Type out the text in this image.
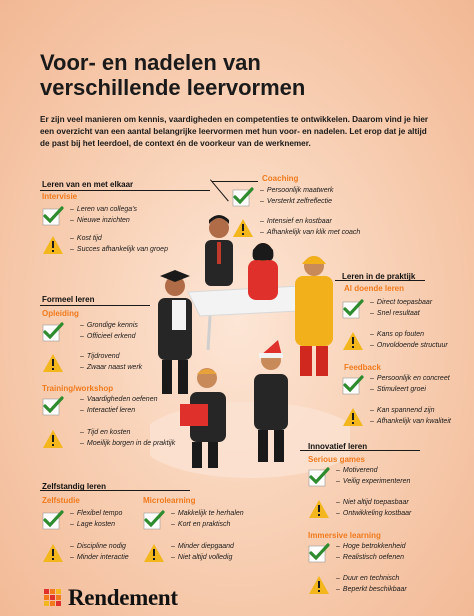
Voor- en nadelen van
verschillende leervormen
Er zijn veel manieren om kennis, vaardigheden en competenties te ontwikkelen. Daarom vind je hier een overzicht van een aantal belangrijke leervormen met hun voor- en nadelen. Let erop dat je altijd de past bij het leerdoel, de context én de voorkeur van de werknemer.
Leren van en met elkaar
Intervisie
– Leren van collega's
– Nieuwe inzichten
– Kost tijd
– Succes afhankelijk van groep
Coaching
– Persoonlijk maatwerk
– Versterkt zelfreflectie
– Intensief en kostbaar
– Afhankelijk van klik met coach
Leren in de praktijk
Al doende leren
– Direct toepasbaar
– Snel resultaat
– Kans op fouten
– Onvoldoende structuur
Feedback
– Persoonlijk en concreet
– Stimuleert groei
– Kan spannend zijn
– Afhankelijk van kwaliteit
Formeel leren
Opleiding
– Grondige kennis
– Officieel erkend
– Tijdrovend
– Zwaar naast werk
Training/workshop
– Vaardigheden oefenen
– Interactief leren
– Tijd en kosten
– Moeilijk borgen in de praktijk
Zelfstandig leren
Zelfstudie
– Flexibel tempo
– Lage kosten
– Discipline nodig
– Minder interactie
Microlearning
– Makkelijk te herhalen
– Kort en praktisch
– Minder diepgaand
– Niet altijd volledig
Innovatief leren
Serious games
– Motiverend
– Veilig experimenteren
– Niet altijd toepasbaar
– Ontwikkeling kostbaar
Immersive learning
– Hoge betrokkenheid
– Realistisch oefenen
– Duur en technisch
– Beperkt beschikbaar
Rendement
